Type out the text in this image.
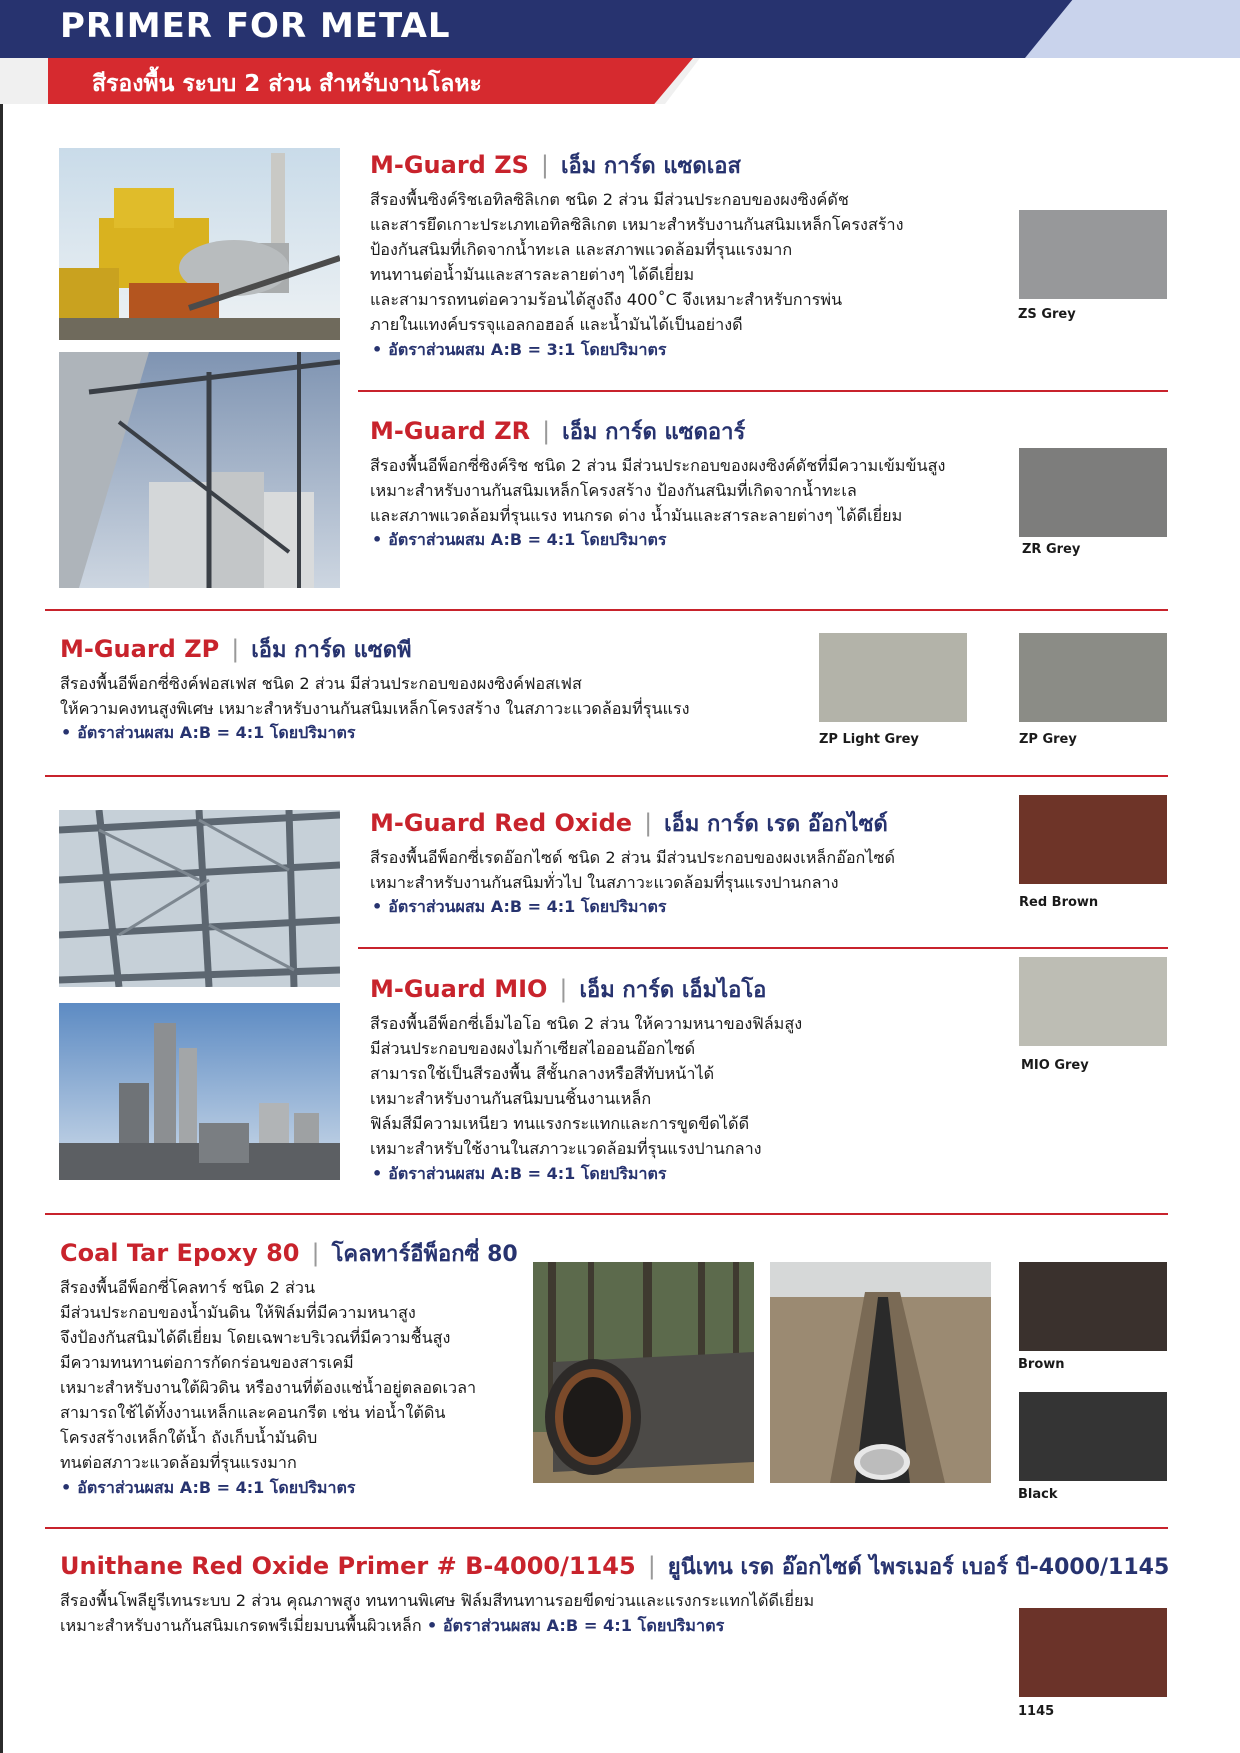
PRIMER FOR METAL
สีรองพื้น ระบบ 2 ส่วน สำหรับงานโลหะ
M-Guard ZS | เอ็ม การ์ด แซดเอส
สีรองพื้นซิงค์ริชเอทิลซิลิเกต ชนิด 2 ส่วน มีส่วนประกอบของผงซิงค์ดัช
และสารยึดเกาะประเภทเอทิลซิลิเกต เหมาะสำหรับงานกันสนิมเหล็กโครงสร้าง
ป้องกันสนิมที่เกิดจากน้ำทะเล และสภาพแวดล้อมที่รุนแรงมาก
ทนทานต่อน้ำมันและสารละลายต่างๆ ได้ดีเยี่ยม
และสามารถทนต่อความร้อนได้สูงถึง 400˚C จึงเหมาะสำหรับการพ่น
ภายในแทงค์บรรจุแอลกอฮอล์ และน้ำมันได้เป็นอย่างดี
• อัตราส่วนผสม A:B = 3:1 โดยปริมาตร
ZS Grey
M-Guard ZR | เอ็ม การ์ด แซดอาร์
สีรองพื้นอีพ็อกซี่ซิงค์ริช ชนิด 2 ส่วน มีส่วนประกอบของผงซิงค์ดัชที่มีความเข้มข้นสูง
เหมาะสำหรับงานกันสนิมเหล็กโครงสร้าง ป้องกันสนิมที่เกิดจากน้ำทะเล
และสภาพแวดล้อมที่รุนแรง ทนกรด ด่าง น้ำมันและสารละลายต่างๆ ได้ดีเยี่ยม
• อัตราส่วนผสม A:B = 4:1 โดยปริมาตร
ZR Grey
M-Guard ZP | เอ็ม การ์ด แซดพี
สีรองพื้นอีพ็อกซี่ซิงค์ฟอสเฟส ชนิด 2 ส่วน มีส่วนประกอบของผงซิงค์ฟอสเฟส
ให้ความคงทนสูงพิเศษ เหมาะสำหรับงานกันสนิมเหล็กโครงสร้าง ในสภาวะแวดล้อมที่รุนแรง
• อัตราส่วนผสม A:B = 4:1 โดยปริมาตร	ZP Light Grey	ZP Grey
M-Guard Red Oxide | เอ็ม การ์ด เรด อ๊อกไซด์
สีรองพื้นอีพ็อกซี่เรดอ๊อกไซด์ ชนิด 2 ส่วน มีส่วนประกอบของผงเหล็กอ๊อกไซด์
เหมาะสำหรับงานกันสนิมทั่วไป ในสภาวะแวดล้อมที่รุนแรงปานกลาง
• อัตราส่วนผสม A:B = 4:1 โดยปริมาตร	Red Brown
M-Guard MIO | เอ็ม การ์ด เอ็มไอโอ
สีรองพื้นอีพ็อกซี่เอ็มไอโอ ชนิด 2 ส่วน ให้ความหนาของฟิล์มสูง
มีส่วนประกอบของผงไมก้าเซียสไอออนอ๊อกไซด์
สามารถใช้เป็นสีรองพื้น สีชั้นกลางหรือสีทับหน้าได้
เหมาะสำหรับงานกันสนิมบนชิ้นงานเหล็ก
ฟิล์มสีมีความเหนียว ทนแรงกระแทกและการขูดขีดได้ดี
เหมาะสำหรับใช้งานในสภาวะแวดล้อมที่รุนแรงปานกลาง
• อัตราส่วนผสม A:B = 4:1 โดยปริมาตร
MIO Grey
Coal Tar Epoxy 80 | โคลทาร์อีพ็อกซี่ 80
สีรองพื้นอีพ็อกซี่โคลทาร์ ชนิด 2 ส่วน
มีส่วนประกอบของน้ำมันดิน ให้ฟิล์มที่มีความหนาสูง
จึงป้องกันสนิมได้ดีเยี่ยม โดยเฉพาะบริเวณที่มีความชื้นสูง
มีความทนทานต่อการกัดกร่อนของสารเคมี
เหมาะสำหรับงานใต้ผิวดิน หรืองานที่ต้องแช่น้ำอยู่ตลอดเวลา
สามารถใช้ได้ทั้งงานเหล็กและคอนกรีต เช่น ท่อน้ำใต้ดิน
โครงสร้างเหล็กใต้น้ำ ถังเก็บน้ำมันดิบ
ทนต่อสภาวะแวดล้อมที่รุนแรงมาก
• อัตราส่วนผสม A:B = 4:1 โดยปริมาตร
Brown
Black
Unithane Red Oxide Primer # B-4000/1145 | ยูนีเทน เรด อ๊อกไซด์ ไพรเมอร์ เบอร์ บี-4000/1145
สีรองพื้นโพลียูรีเทนระบบ 2 ส่วน คุณภาพสูง ทนทานพิเศษ ฟิล์มสีทนทานรอยขีดข่วนและแรงกระแทกได้ดีเยี่ยม
เหมาะสำหรับงานกันสนิมเกรดพรีเมี่ยมบนพื้นผิวเหล็ก • อัตราส่วนผสม A:B = 4:1 โดยปริมาตร
1145
